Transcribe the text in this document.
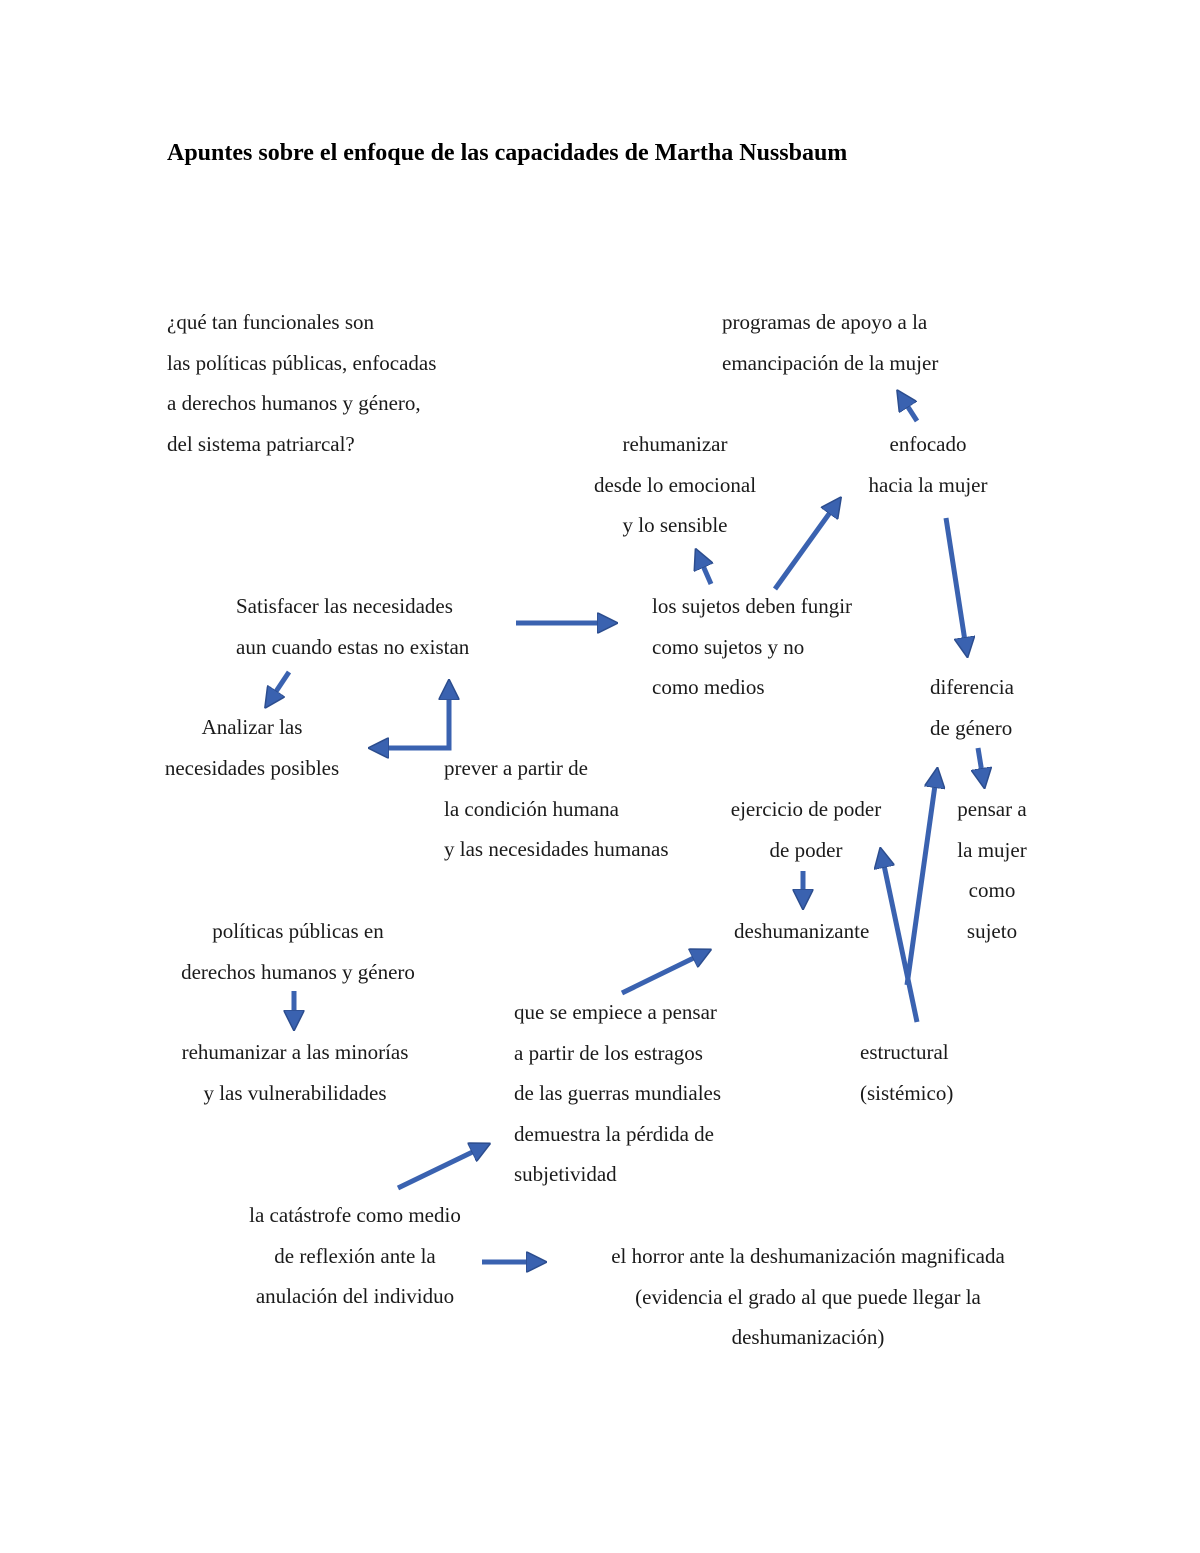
Apuntes sobre el enfoque de las capacidades de Martha Nussbaum
¿qué tan funcionales son
las políticas públicas, enfocadas
a derechos humanos y género,
del sistema patriarcal?
programas de apoyo a la
emancipación de la mujer
rehumanizar
desde lo emocional
y lo sensible
enfocado
hacia la mujer
Satisfacer las necesidades
aun cuando estas no existan
los sujetos deben fungir
como sujetos y no
como medios	diferencia
de género
Analizar las
necesidades posibles	prever a partir de
la condición humana
y las necesidades humanas
ejercicio de poder
de poder
pensar a
la mujer
como
sujeto
deshumanizante
políticas públicas en
derechos humanos y género
que se empiece a pensar
a partir de los estragos
de las guerras mundiales
demuestra la pérdida de
subjetividad
rehumanizar a las minorías
y las vulnerabilidades
estructural
(sistémico)
la catástrofe como medio
de reflexión ante la
anulación del individuo
el horror ante la deshumanización magnificada
(evidencia el grado al que puede llegar la
deshumanización)
